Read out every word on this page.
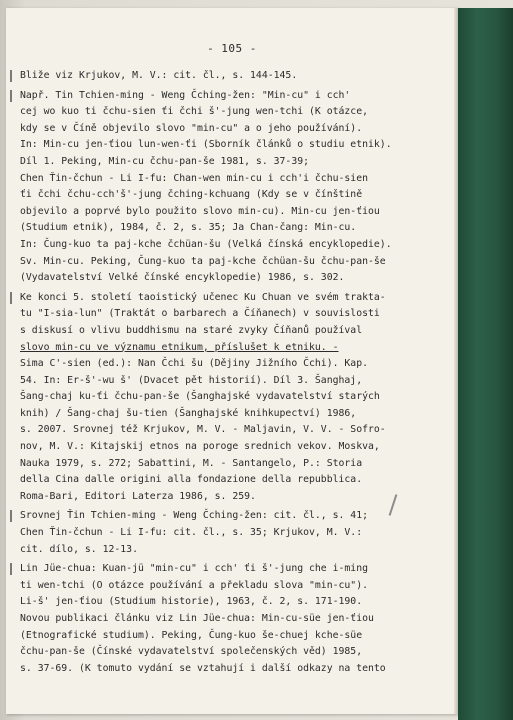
- 105 -
Bliže viz Krjukov, M. V.: cit. čl., s. 144-145.
Např. Tin Tchien-ming - Weng Čching-žen: "Min-cu" i cch'
cej wo kuo ti čchu-sien ťi čchi š'-jung wen-tchi (K otázce,
kdy se v Číně objevilo slovo "min-cu" a o jeho používání).
In: Min-cu jen-ťiou lun-wen-ťi (Sborník článků o studiu etnik).
Díl 1. Peking, Min-cu čchu-pan-še 1981, s. 37-39;
Chen Ťin-čchun - Li I-fu: Chan-wen min-cu i cch'i čchu-sien
ťi čchi čchu-cch'š'-jung čching-kchuang (Kdy se v čínštině
objevilo a poprvé bylo použito slovo min-cu). Min-cu jen-ťiou
(Studium etnik), 1984, č. 2, s. 35; Ja Chan-čang: Min-cu.
In: Čung-kuo ta paj-kche čchüan-šu (Velká čínská encyklopedie).
Sv. Min-cu. Peking, Čung-kuo ta paj-kche čchüan-šu čchu-pan-še
(Vydavatelství Velké čínské encyklopedie) 1986, s. 302.
Ke konci 5. století taoistický učenec Ku Chuan ve svém trakta-
tu "I-sia-lun" (Traktát o barbarech a Číňanech) v souvislosti
s diskusí o vlivu buddhismu na staré zvyky Číňanů používal
slovo min-cu ve významu etnikum, příslušet k etniku. -
Sima C'-sien (ed.): Nan Čchi šu (Dějiny Jižního Čchi). Kap.
54. In: Er-š'-wu š' (Dvacet pět historií). Díl 3. Šanghaj,
Šang-chaj ku-ťi čchu-pan-še (Šanghajské vydavatelství starých
knih) / Šang-chaj šu-tien (Šanghajské knihkupectví) 1986,
s. 2007. Srovnej též Krjukov, M. V. - Maljavin, V. V. - Sofro-
nov, M. V.: Kitajskij etnos na poroge srednich vekov. Moskva,
Nauka 1979, s. 272; Sabattini, M. - Santangelo, P.: Storia
della Cina dalle origini alla fondazione della repubblica.
Roma-Bari, Editori Laterza 1986, s. 259.
Srovnej Ťin Tchien-ming - Weng Čching-žen: cit. čl., s. 41;
Chen Ťin-čchun - Li I-fu: cit. čl., s. 35; Krjukov, M. V.:
cit. dílo, s. 12-13.
Lin Jüe-chua: Kuan-jü "min-cu" i cch' ťi š'-jung che i-ming
ti wen-tchi (O otázce používání a překladu slova "min-cu").
Li-š' jen-ťiou (Studium historie), 1963, č. 2, s. 171-190.
Novou publikaci článku viz Lin Jüe-chua: Min-cu-süe jen-ťiou
(Etnografické studium). Peking, Čung-kuo še-chuej kche-süe
čchu-pan-še (Čínské vydavatelství společenských věd) 1985,
s. 37-69. (K tomuto vydání se vztahují i další odkazy na tento
